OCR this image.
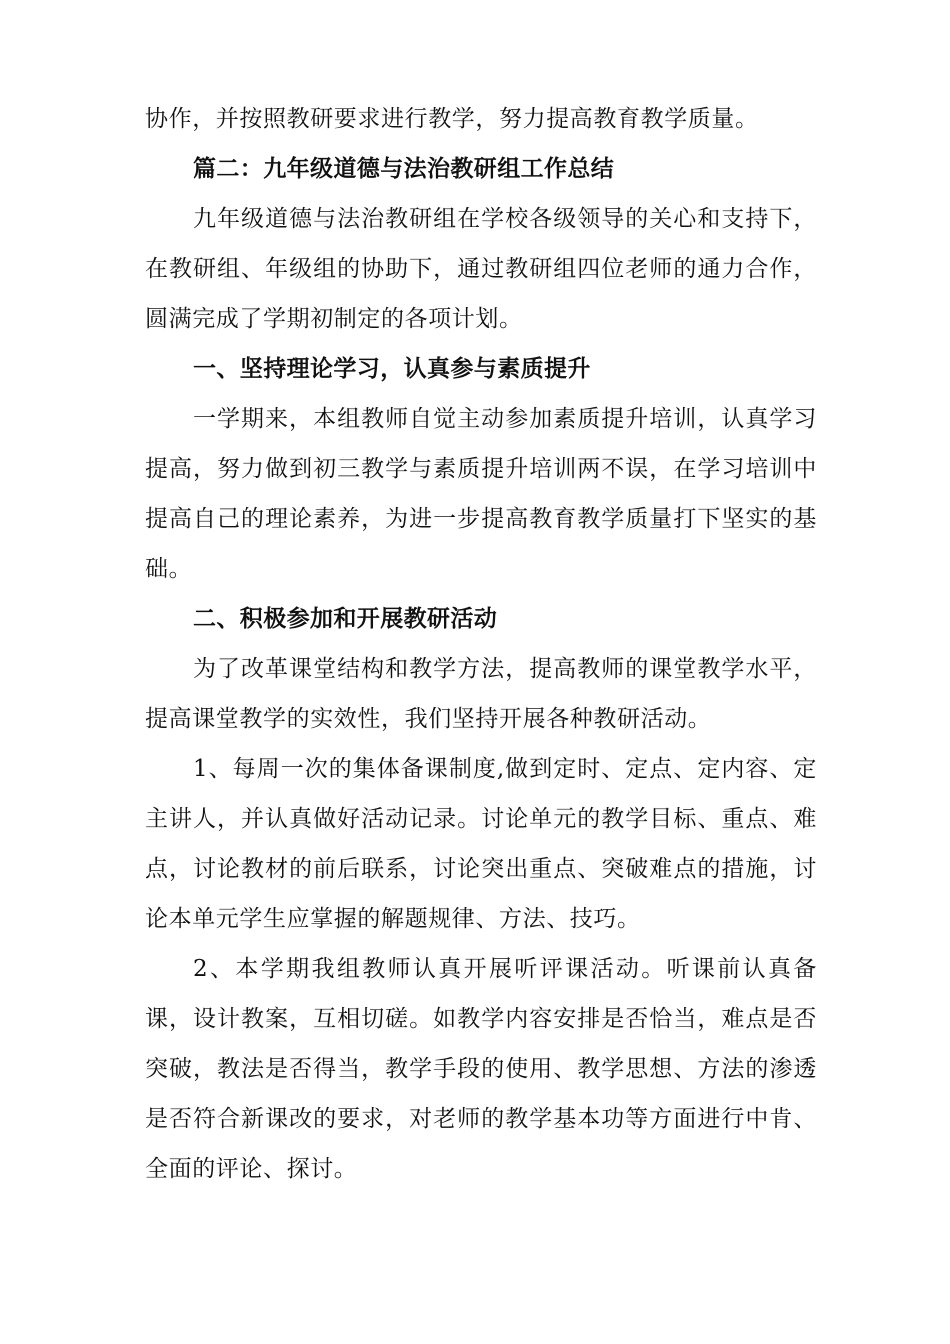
协作，并按照教研要求进行教学，努力提高教育教学质量。

篇二：九年级道德与法治教研组工作总结

九年级道德与法治教研组在学校各级领导的关心和支持下，在教研组、年级组的协助下，通过教研组四位老师的通力合作，圆满完成了学期初制定的各项计划。

一、坚持理论学习，认真参与素质提升

一学期来，本组教师自觉主动参加素质提升培训，认真学习提高，努力做到初三教学与素质提升培训两不误，在学习培训中提高自己的理论素养，为进一步提高教育教学质量打下坚实的基础。

二、积极参加和开展教研活动

为了改革课堂结构和教学方法，提高教师的课堂教学水平，提高课堂教学的实效性，我们坚持开展各种教研活动。

1、每周一次的集体备课制度,做到定时、定点、定内容、定主讲人，并认真做好活动记录。讨论单元的教学目标、重点、难点，讨论教材的前后联系，讨论突出重点、突破难点的措施，讨论本单元学生应掌握的解题规律、方法、技巧。

2、本学期我组教师认真开展听评课活动。听课前认真备课，设计教案，互相切磋。如教学内容安排是否恰当，难点是否突破，教法是否得当，教学手段的使用、教学思想、方法的渗透是否符合新课改的要求，对老师的教学基本功等方面进行中肯、全面的评论、探讨。
